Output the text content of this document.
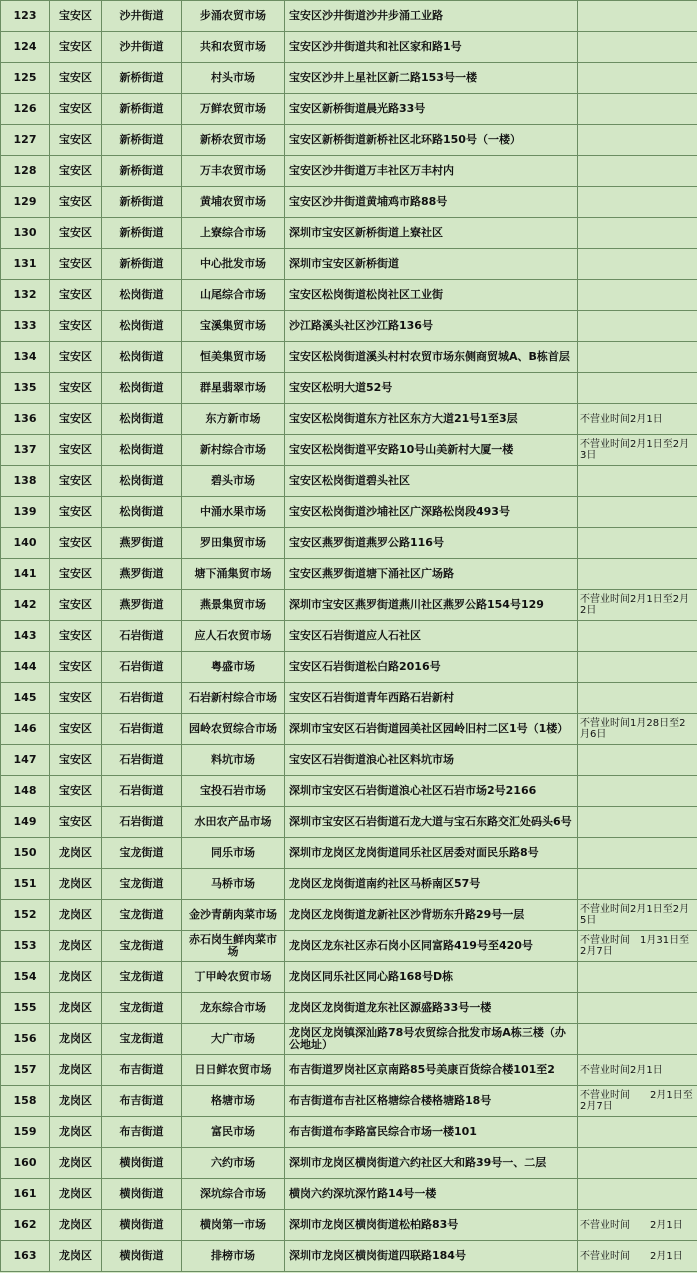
123	宝安区	沙井街道	步涌农贸市场	宝安区沙井街道沙井步涌工业路	
124	宝安区	沙井街道	共和农贸市场	宝安区沙井街道共和社区家和路1号	
125	宝安区	新桥街道	村头市场	宝安区沙井上星社区新二路153号一楼	
126	宝安区	新桥街道	万鲜农贸市场	宝安区新桥街道晨光路33号	
127	宝安区	新桥街道	新桥农贸市场	宝安区新桥街道新桥社区北环路150号（一楼）	
128	宝安区	新桥街道	万丰农贸市场	宝安区沙井街道万丰社区万丰村内	
129	宝安区	新桥街道	黄埔农贸市场	宝安区沙井街道黄埔鸡市路88号	
130	宝安区	新桥街道	上寮综合市场	深圳市宝安区新桥街道上寮社区	
131	宝安区	新桥街道	中心批发市场	深圳市宝安区新桥街道	
132	宝安区	松岗街道	山尾综合市场	宝安区松岗街道松岗社区工业街	
133	宝安区	松岗街道	宝溪集贸市场	沙江路溪头社区沙江路136号	
134	宝安区	松岗街道	恒美集贸市场	宝安区松岗街道溪头村村农贸市场东侧商贸城A、B栋首层	
135	宝安区	松岗街道	群星翡翠市场	宝安区松明大道52号	
136	宝安区	松岗街道	东方新市场	宝安区松岗街道东方社区东方大道21号1至3层	不营业时间2月1日
137	宝安区	松岗街道	新村综合市场	宝安区松岗街道平安路10号山美新村大厦一楼	不营业时间2月1日至2月3日
138	宝安区	松岗街道	碧头市场	宝安区松岗街道碧头社区	
139	宝安区	松岗街道	中涌水果市场	宝安区松岗街道沙埔社区广深路松岗段493号	
140	宝安区	燕罗街道	罗田集贸市场	宝安区燕罗街道燕罗公路116号	
141	宝安区	燕罗街道	塘下涌集贸市场	宝安区燕罗街道塘下涌社区广场路	
142	宝安区	燕罗街道	燕景集贸市场	深圳市宝安区燕罗街道燕川社区燕罗公路154号129	不营业时间2月1日至2月2日
143	宝安区	石岩街道	应人石农贸市场	宝安区石岩街道应人石社区	
144	宝安区	石岩街道	粤盛市场	宝安区石岩街道松白路2016号	
145	宝安区	石岩街道	石岩新村综合市场	宝安区石岩街道青年西路石岩新村	
146	宝安区	石岩街道	园岭农贸综合市场	深圳市宝安区石岩街道园美社区园岭旧村二区1号（1楼）	不营业时间1月28日至2月6日
147	宝安区	石岩街道	料坑市场	宝安区石岩街道浪心社区料坑市场	
148	宝安区	石岩街道	宝投石岩市场	深圳市宝安区石岩街道浪心社区石岩市场2号2166	
149	宝安区	石岩街道	水田农产品市场	深圳市宝安区石岩街道石龙大道与宝石东路交汇处码头6号	
150	龙岗区	宝龙街道	同乐市场	深圳市龙岗区龙岗街道同乐社区居委对面民乐路8号	
151	龙岗区	宝龙街道	马桥市场	龙岗区龙岗街道南约社区马桥南区57号	
152	龙岗区	宝龙街道	金沙青蓢肉菜市场	龙岗区龙岗街道龙新社区沙背坜东升路29号一层	不营业时间2月1日至2月5日
153	龙岗区	宝龙街道	赤石岗生鲜肉菜市场	龙岗区龙东社区赤石岗小区同富路419号至420号	不营业时间　1月31日至2月7日
154	龙岗区	宝龙街道	丁甲岭农贸市场	龙岗区同乐社区同心路168号D栋	
155	龙岗区	宝龙街道	龙东综合市场	龙岗区龙岗街道龙东社区源盛路33号一楼	
156	龙岗区	宝龙街道	大广市场	龙岗区龙岗镇深汕路78号农贸综合批发市场A栋三楼（办公地址）	
157	龙岗区	布吉街道	日日鲜农贸市场	布吉街道罗岗社区京南路85号美康百货综合楼101至2	不营业时间2月1日
158	龙岗区	布吉街道	格塘市场	布吉街道布吉社区格塘综合楼格塘路18号	不营业时间　　2月1日至2月7日
159	龙岗区	布吉街道	富民市场	布吉街道布李路富民综合市场一楼101	
160	龙岗区	横岗街道	六约市场	深圳市龙岗区横岗街道六约社区大和路39号一、二层	
161	龙岗区	横岗街道	深坑综合市场	横岗六约深坑深竹路14号一楼	
162	龙岗区	横岗街道	横岗第一市场	深圳市龙岗区横岗街道松柏路83号	不营业时间　　2月1日
163	龙岗区	横岗街道	排榜市场	深圳市龙岗区横岗街道四联路184号	不营业时间　　2月1日
